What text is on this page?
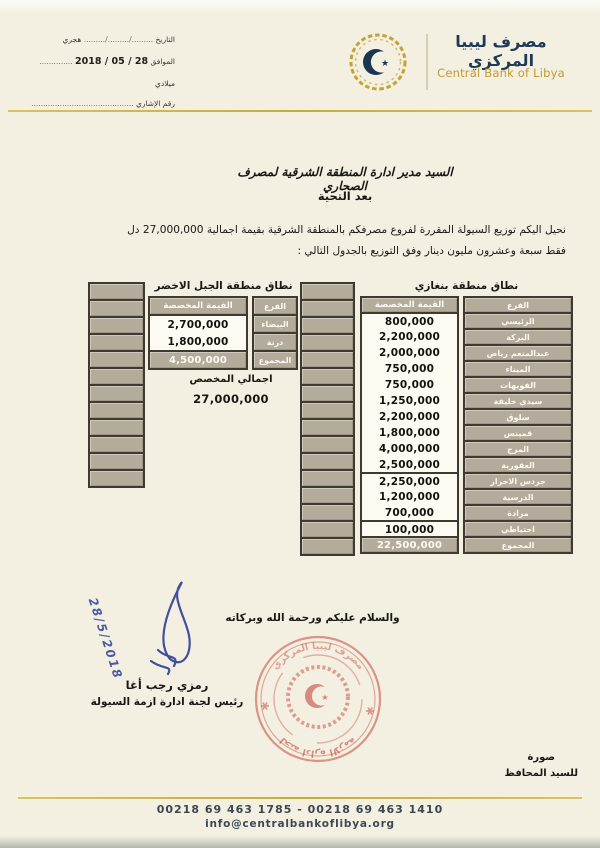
التاريخ ........./........./......... هجري
الموافق 2018 / 05 / 28 .............. ميلادي
رقم الإشاري ...........................................
★
مصرف ليبيا المركزي
Central Bank of Libya
السيد مدير ادارة المنطقة الشرقية لمصرف الصحاري
بعد التحية
نحيل اليكم توزيع السيولة المقررة لفروع مصرفكم بالمنطقة الشرقية بقيمة اجمالية 27,000,000 دل
فقط سبعة وعشرون مليون دينار وفق التوزيع بالجدول التالي :
نطاق منطقة الجبل الاخضر	نطاق منطقة بنغازي
الفرع
القيمة المخصصة
البيضاء
2,700,000
درنة
1,800,000
المجموع
4,500,000
الفرع
القيمة المخصصة
الرئيسي
800,000
البركة
2,200,000
عبدالمنعم رياض
2,000,000
الميناء
750,000
الفويهات
750,000
سيدي خليفة
1,250,000
سلوق
2,200,000
قمينس
1,800,000
المرج
4,000,000
العقورية
2,500,000
جردس الاحرار
2,250,000
الدرسية
1,200,000
مرادة
700,000
احتياطي
100,000
المجموع
22,500,000
اجمالي المخصص
27,000,000
والسلام عليكم ورحمة الله وبركاته
28/5/2018
رمزي رجب أغا
رئيس لجنة ادارة ازمة السيولة	★
مصرف ليبيا المركزي
لجنة ادارة الازمة
صورة
للسيد المحافظ
00218 69 463 1785 - 00218 69 463 1410
info@centralbankoflibya.org
